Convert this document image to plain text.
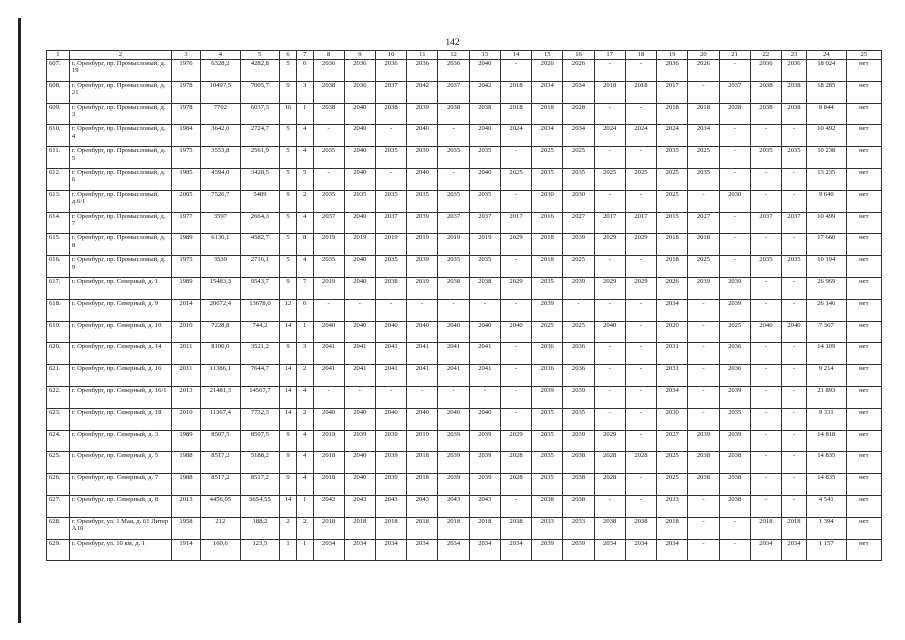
142
1	2	3	4	5	6	7	8	9	10	11	12	13	14	15	16	17	18	19	20	21	22	23	24	25
607.	г. Оренбург, пр. Промысловый, д. 19	1976	6328,2	4282,8	5	6	2036	2036	2036	2036	2036	2040	-	2026	2026	-	-	2036	2026	-	2036	2036	18 024	нет
608.	г. Оренбург, пр. Промысловый, д. 21	1978	10497,5	7005,7	9	3	2038	2036	2037	2042	2037	2042	2018	2034	2034	2018	2018	2017	-	2037	2038	2038	18 285	нет
609.	г. Оренбург, пр. Промысловый, д. 3	1978	7702	6037,3	16	1	2038	2040	2038	2039	2038	2038	2018	2018	2028	-	-	2018	2018	2028	2038	2038	8 844	нет
610.	г. Оренбург, пр. Промысловый, д. 4	1984	3642,0	2724,7	5	4	-	2040	-	2040	-	2040	2024	2034	2034	2024	2024	2024	2034	-	-	-	10 492	нет
611.	г. Оренбург, пр. Промысловый, д. 5	1975	3553,8	2561,9	5	4	2035	2040	2035	2039	2035	2035	-	2025	2025	-	-	2035	2025	-	2035	2035	10 238	нет
612.	г. Оренбург, пр. Промысловый, д. 6	1985	4594,0	3428,5	5	5	-	2040	-	2040	-	2040	2025	2035	2035	2025	2025	2025	2035	-	-	-	13 235	нет
613.	г. Оренбург, пр. Промысловый, д.6/1	2005	7526,7	5489	9	2	2035	2035	2035	2035	2035	2035	-	2030	2030	-	-	2025	-	2030	-	-	9 640	нет
614.	г. Оренбург, пр. Промысловый, д. 7	1977	3597	2664,3	5	4	2037	2040	2037	2039	2037	2037	2017	2016	2027	2017	2017	2015	2027	-	2037	2037	10 499	нет
615.	г. Оренбург, пр. Промысловый, д. 8	1989	6130,1	4582,7	5	8	2019	2019	2019	2019	2019	2019	2029	2018	2039	2029	2029	2018	2018	-	-	-	17 660	нет
616.	г. Оренбург, пр. Промысловый, д. 9	1975	3539	2716,1	5	4	2035	2040	2035	2039	2035	2035	-	2018	2025	-	-	2018	2025	-	2035	2035	10 194	нет
617.	г. Оренбург, пр. Северный, д. 1	1989	15483,3	9543,7	9	7	2019	2040	2038	2019	2038	2038	2029	2035	2039	2029	2029	2026	2039	2039	-	-	26 969	нет
618.	г. Оренбург, пр. Северный, д. 9	2014	20672,4	13678,0	12	6	-	-	-	-	-	-	-	2039	-	-	-	2034	-	2039	-	-	26 146	нет
619.	г. Оренбург, пр. Северный, д. 10	2010	7228,8	744,2	14	1	2040	2040	2040	2040	2040	2040	2040	2025	2025	2040	-	2020	-	2025	2040	2040	7 367	нет
620.	г. Оренбург, пр. Северный, д. 14	2011	8100,0	3521,2	9	3	2041	2041	2041	2041	2041	2041	-	2036	2036	-	-	2031	-	2036	-	-	14 109	нет
621.	г. Оренбург, пр. Северный, д. 16	2011	11386,1	7644,7	14	2	2041	2041	2041	2041	2041	2041	-	2036	2036	-	-	2031	-	2036	-	-	9 214	нет
622.	г. Оренбург, пр. Северный, д. 16/1	2013	21481,3	14567,7	14	4	-	-	-	-	-	-	-	2039	2039	-	-	2034	-	2039	-	-	21 893	нет
623.	г. Оренбург, пр. Северный, д. 18	2010	11367,4	7732,3	14	2	2040	2040	2040	2040	2040	2040	-	2035	2035	-	-	2030	-	2035	-	-	9 331	нет
624.	г. Оренбург, пр. Северный, д. 3	1989	8507,5	8507,5	9	4	2019	2039	2039	2019	2039	2039	2029	2035	2039	2029	-	2027	2039	2039	-	-	14 818	нет
625.	г. Оренбург, пр. Северный, д. 5	1988	8517,2	5188,2	9	4	2018	2040	2039	2018	2039	2039	2028	2035	2038	2028	2028	2025	2038	2038	-	-	14 835	нет
626.	г. Оренбург, пр. Северный, д. 7	1988	8517,2	8517,2	9	4	2018	2040	2039	2018	2039	2039	2028	2035	2038	2028	-	2025	2038	2038	-	-	14 835	нет
627.	г. Оренбург, пр. Северный, д. 8	2013	4456,05	3654,55	14	1	2043	2043	2043	2043	2043	2043	-	2038	2038	-	-	2033	-	2038	-	-	4 541	нет
628.	г. Оренбург, ул. 1 Мая, д. 61 Литер А10	1958	212	188,2	2	2	2018	2018	2018	2018	2018	2018	2038	2033	2033	2038	2038	2018	-	-	2018	2018	1 394	нет
629.	г. Оренбург, ул. 10 км, д. 1	1914	160,6	123,5	1	1	2034	2034	2034	2034	2034	2034	2034	2039	2039	2034	2034	2034	-	-	2034	2034	1 157	нет
